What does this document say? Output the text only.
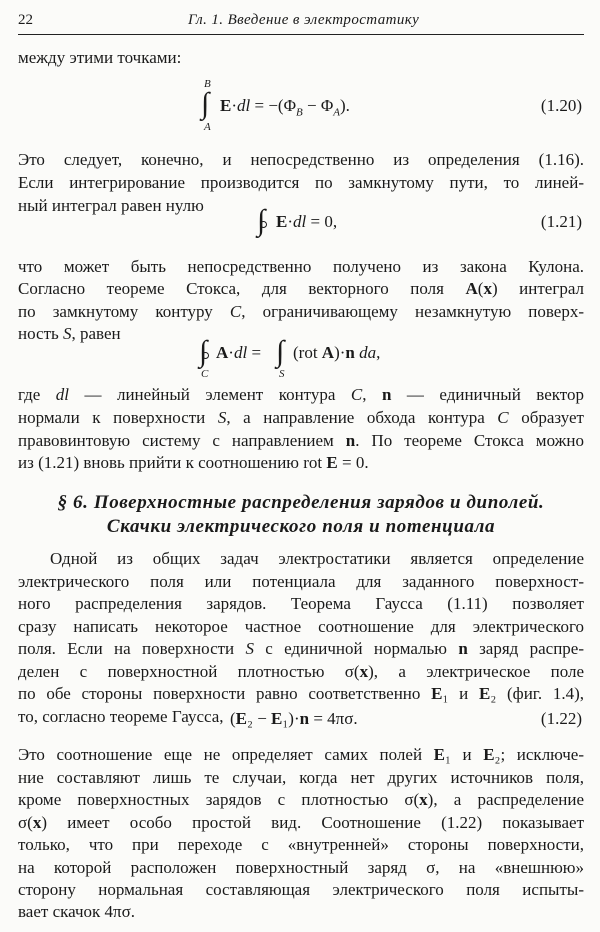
22	Гл. 1. Введение в электростатику
между этими точками:
B
∫
A
$E\cdot dl = -(\Phi_B - \Phi_A)$.	(1.20)
Это следует, конечно, и непосредственно из определения (1.16).
Если интегрирование производится по замкнутому пути, то линей-
ный интеграл равен нулю	∫ E·dl = 0,	(1.21)
что может быть непосредственно получено из закона Кулона.
Согласно теореме Стокса, для векторного поля A(x) интеграл
по замкнутому контуру C, ограничивающему незамкнутую поверх-
ность S, равен
∫
C
A·dl = ∫
S
(rot A)·n da,
где dl — линейный элемент контура C, n — единичный вектор
нормали к поверхности S, а направление обхода контура C образует
правовинтовую систему с направлением n. По теореме Стокса можно
из (1.21) вновь прийти к соотношению rot E = 0.
§ 6. Поверхностные распределения зарядов и диполей.
Скачки электрического поля и потенциала
Одной из общих задач электростатики является определение
электрического поля или потенциала для заданного поверхност-
ного распределения зарядов. Теорема Гаусса (1.11) позволяет
сразу написать некоторое частное соотношение для электрического
поля. Если на поверхности S с единичной нормалью n заряд распре-
делен с поверхностной плотностью σ(x), а электрическое поле
по обе стороны поверхности равно соответственно E₁ и E₂ (фиг. 1.4),
то, согласно теореме Гаусса, (E₂ − E₁)·n = 4πσ.	(1.22)
Это соотношение еще не определяет самих полей E₁ и E₂; исключе-
ние составляют лишь те случаи, когда нет других источников поля,
кроме поверхностных зарядов с плотностью σ(x), а распределение
σ(x) имеет особо простой вид. Соотношение (1.22) показывает
только, что при переходе с «внутренней» стороны поверхности,
на которой расположен поверхностный заряд σ, на «внешнюю»
сторону нормальная составляющая электрического поля испыты-
вает скачок 4πσ.
